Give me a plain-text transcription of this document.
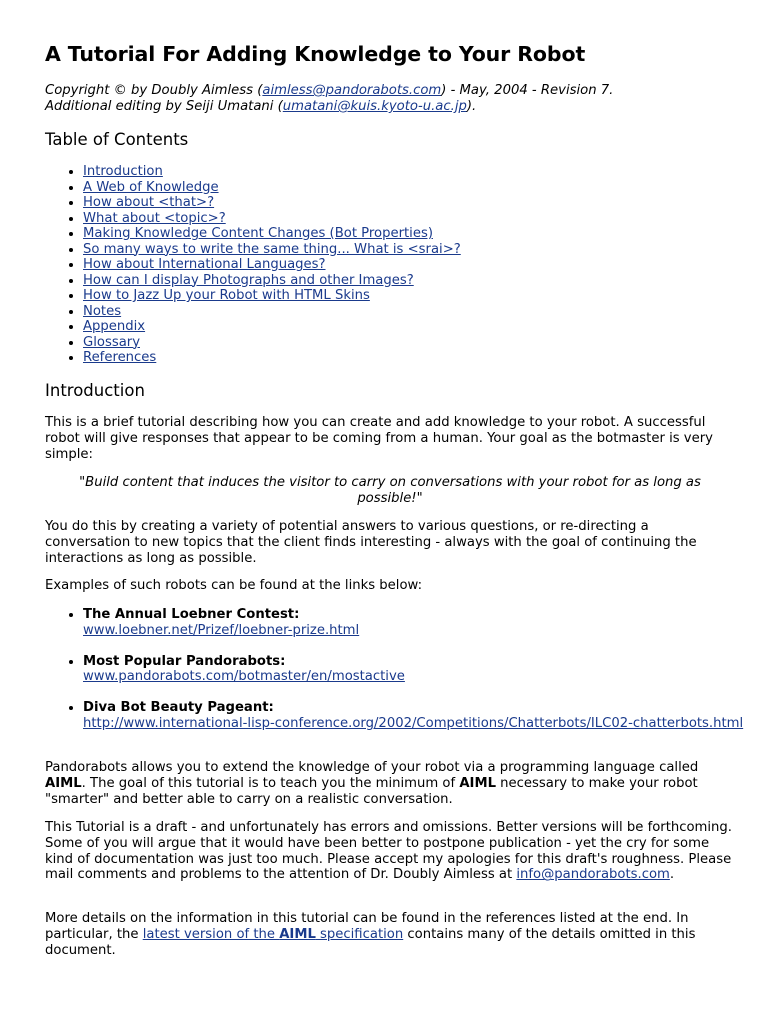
A Tutorial For Adding Knowledge to Your Robot
Copyright © by Doubly Aimless (aimless@pandorabots.com) - May, 2004 - Revision 7.
Additional editing by Seiji Umatani (umatani@kuis.kyoto-u.ac.jp).
Table of Contents
• Introduction
• A Web of Knowledge
• How about <that>?
• What about <topic>?
• Making Knowledge Content Changes (Bot Properties)
• So many ways to write the same thing... What is <srai>?
• How about International Languages?
• How can I display Photographs and other Images?
• How to Jazz Up your Robot with HTML Skins
• Notes
• Appendix
• Glossary
• References
Introduction

This is a brief tutorial describing how you can create and add knowledge to your robot. A successful robot will give responses that appear to be coming from a human. Your goal as the botmaster is very simple:

"Build content that induces the visitor to carry on conversations with your robot for as long as possible!"

You do this by creating a variety of potential answers to various questions, or re-directing a conversation to new topics that the client finds interesting - always with the goal of continuing the interactions as long as possible.

Examples of such robots can be found at the links below:

• The Annual Loebner Contest:
www.loebner.net/Prizef/loebner-prize.html
• Most Popular Pandorabots:
www.pandorabots.com/botmaster/en/mostactive
• Diva Bot Beauty Pageant:
http://www.international-lisp-conference.org/2002/Competitions/Chatterbots/ILC02-chatterbots.html

Pandorabots allows you to extend the knowledge of your robot via a programming language called AIML. The goal of this tutorial is to teach you the minimum of AIML necessary to make your robot "smarter" and better able to carry on a realistic conversation.

This Tutorial is a draft - and unfortunately has errors and omissions. Better versions will be forthcoming. Some of you will argue that it would have been better to postpone publication - yet the cry for some kind of documentation was just too much. Please accept my apologies for this draft's roughness. Please mail comments and problems to the attention of Dr. Doubly Aimless at info@pandorabots.com.

More details on the information in this tutorial can be found in the references listed at the end. In particular, the latest version of the AIML specification contains many of the details omitted in this document.
